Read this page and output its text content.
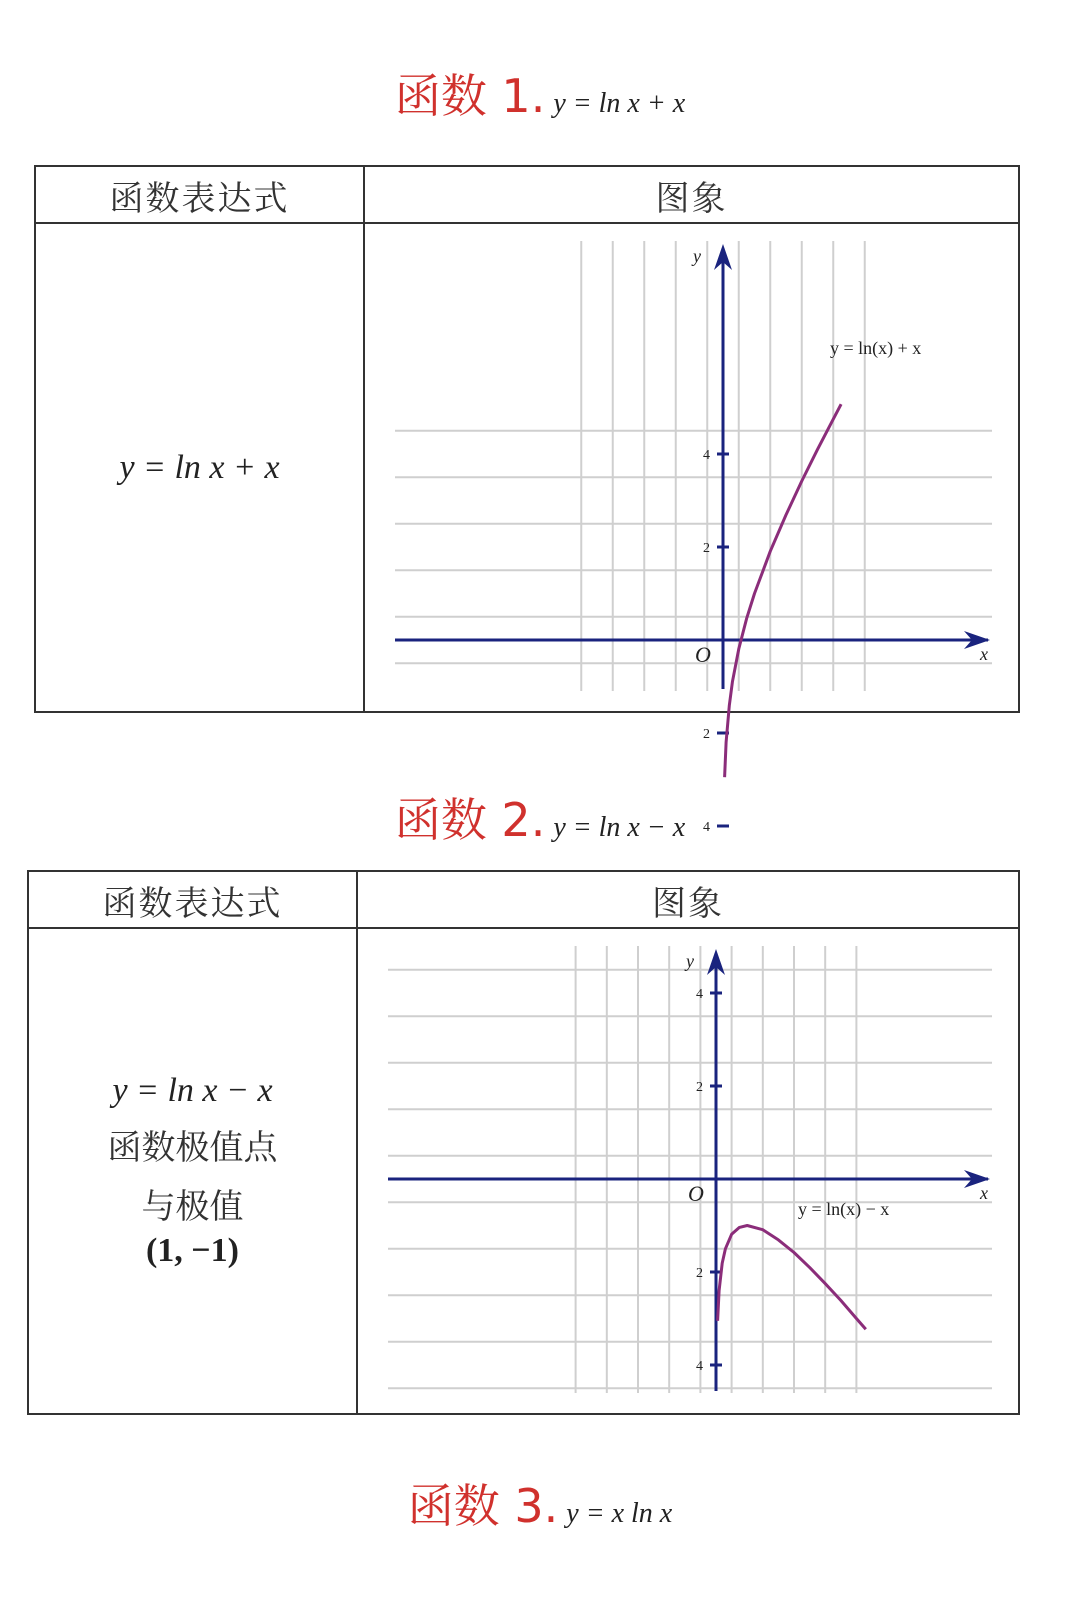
函数 1. y = ln x + x
函数表达式	图象
y = ln x + x
x
y
O
4
2
2
4
y = ln(x) + x
函数 2. y = ln x − x
函数表达式	图象
y = ln x − x
函数极值点
与极值
(1, −1)
x
y
O
4
2
2
4
y = ln(x) − x
函数 3. y = x ln x
